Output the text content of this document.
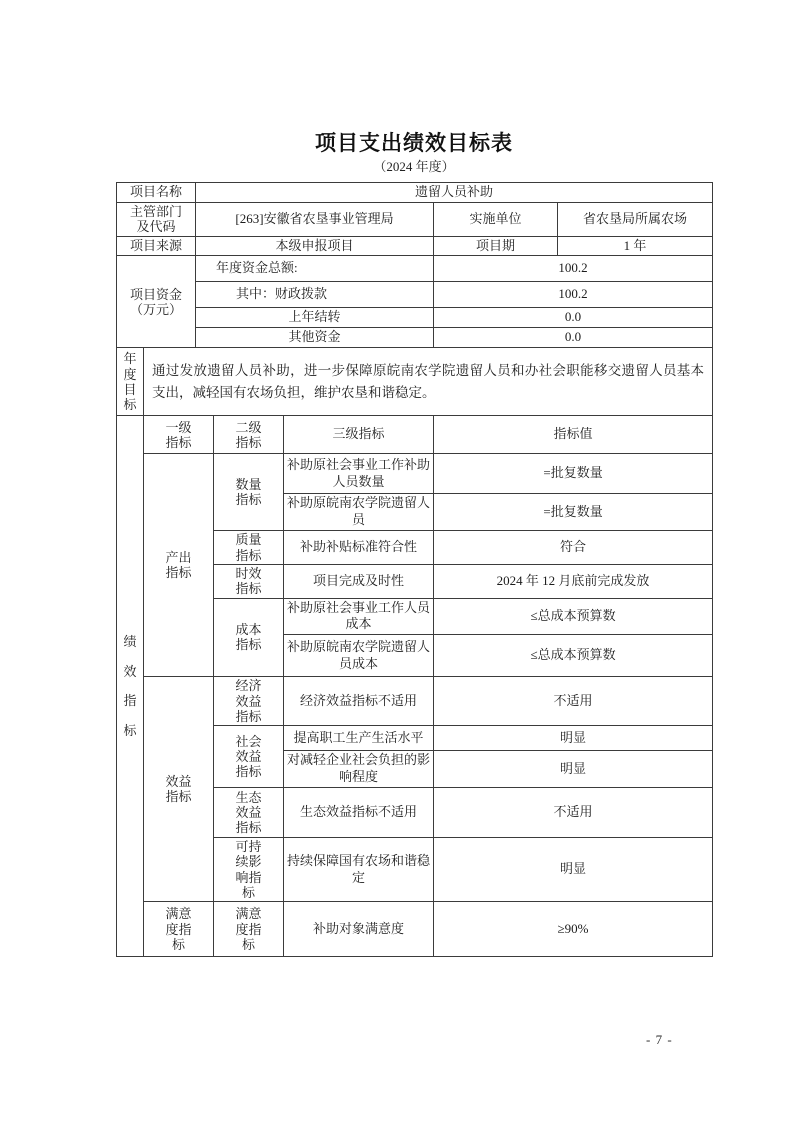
项目支出绩效目标表
（2024 年度）
项目名称		遗留人员补助				
主管部门及代码		[263]安徽省农垦事业管理局			实施单位	省农垦局所属农场
项目来源		本级申报项目			项目期	1 年
项目资金（万元）		年度资金总额:			100.2	
		其中：财政拨款			100.2	
		上年结转			0.0	
		其他资金			0.0	
年度目标	通过发放遗留人员补助，进一步保障原皖南农学院遗留人员和办社会职能移交遗留人员基本支出，减轻国有农场负担，维护农垦和谐稳定。					
绩效指标	一级指标		二级指标	三级指标	指标值	
	产出指标		数量指标	补助原社会事业工作补助人员数量	=批复数量	
				补助原皖南农学院遗留人员	=批复数量	
			质量指标	补助补贴标准符合性	符合	
			时效指标	项目完成及时性	2024 年 12 月底前完成发放	
			成本指标	补助原社会事业工作人员成本	≤总成本预算数	
				补助原皖南农学院遗留人员成本	≤总成本预算数	
	效益指标		经济效益指标	经济效益指标不适用	不适用	
			社会效益指标	提高职工生产生活水平	明显	
				对减轻企业社会负担的影响程度	明显	
			生态效益指标	生态效益指标不适用	不适用	
			可持续影响指标	持续保障国有农场和谐稳定	明显	
	满意度指标		满意度指标	补助对象满意度	≥90%	
- 7 -
